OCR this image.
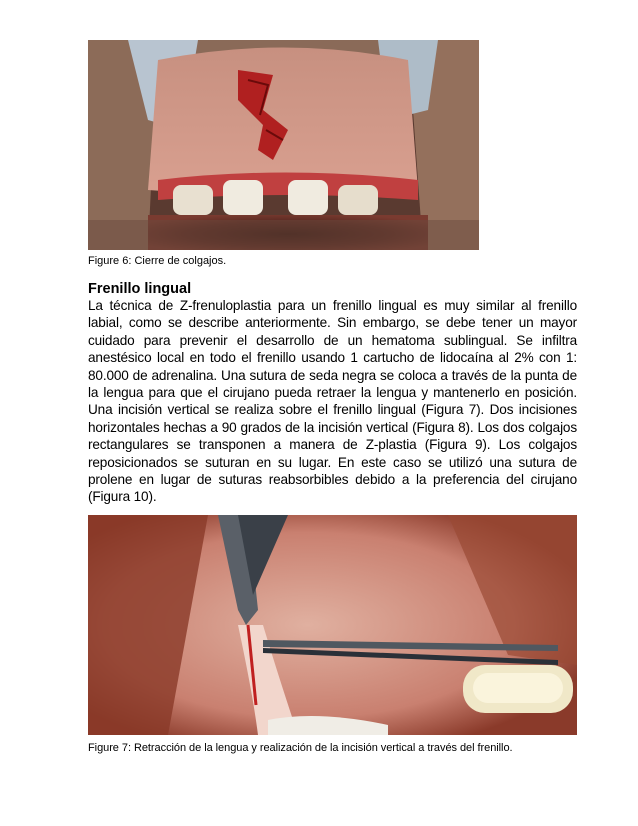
Figure 6: Cierre de colgajos.
Frenillo lingual
La técnica de Z-frenuloplastia para un frenillo lingual es muy similar al frenillo labial, como se describe anteriormente. Sin embargo, se debe tener un mayor cuidado para prevenir el desarrollo de un hematoma sublingual. Se infiltra anestésico local en todo el frenillo usando 1 cartucho de lidocaína al 2% con 1: 80.000 de adrenalina. Una sutura de seda negra se coloca a través de la punta de la lengua para que el cirujano pueda retraer la lengua y mantenerlo en posición. Una incisión vertical se realiza sobre el frenillo lingual (Figura 7). Dos incisiones horizontales hechas a 90 grados de la incisión vertical (Figura 8). Los dos colgajos rectangulares se transponen a manera de Z-plastia (Figura 9). Los colgajos reposicionados se suturan en su lugar. En este caso se utilizó una sutura de prolene en lugar de suturas reabsorbibles debido a la preferencia del cirujano (Figura 10).
Figure 7: Retracción de la lengua y realización de la incisión vertical a través del frenillo.
